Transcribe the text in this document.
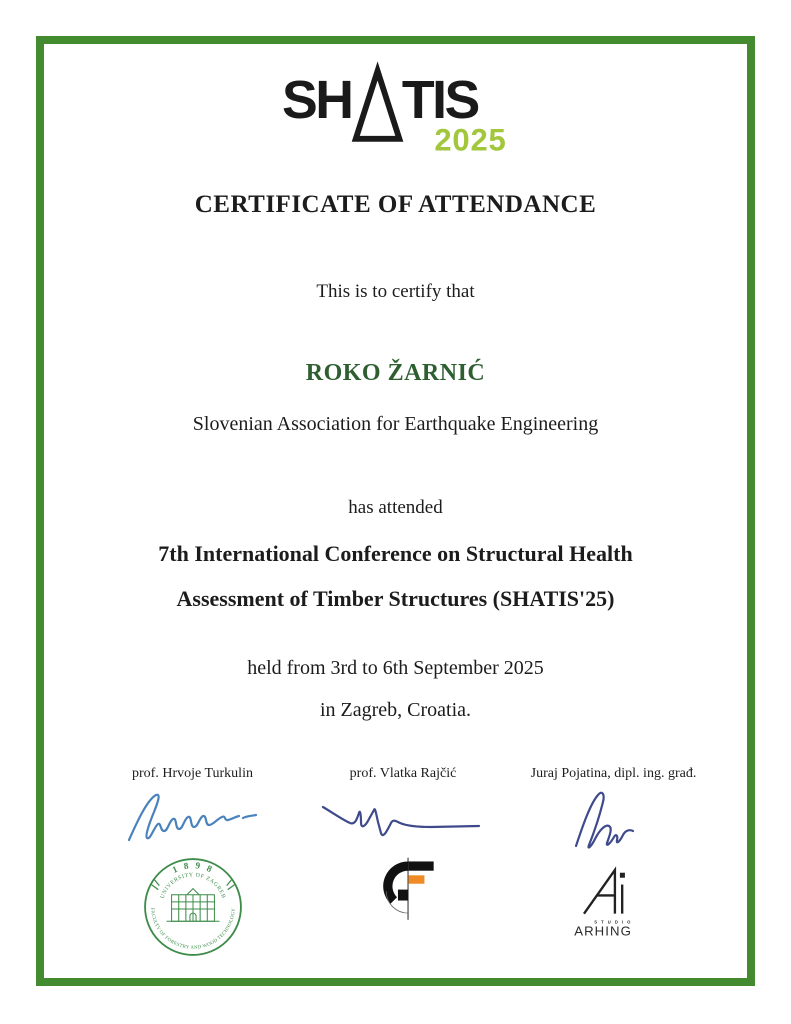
SH TIS
2025
CERTIFICATE OF ATTENDANCE
This is to certify that
ROKO ŽARNIĆ
Slovenian Association for Earthquake Engineering
has attended
7th International Conference on Structural Health
Assessment of Timber Structures (SHATIS'25)
held from 3rd to 6th September 2025
in Zagreb, Croatia.
prof. Hrvoje Turkulin
1 8 9 8
UNIVERSITY OF ZAGREB
FACULTY OF FORESTRY AND WOOD TECHNOLOGY
prof. Vlatka Rajčić	Juraj Pojatina, dipl. ing. građ.
S T U D I O
ARHING
